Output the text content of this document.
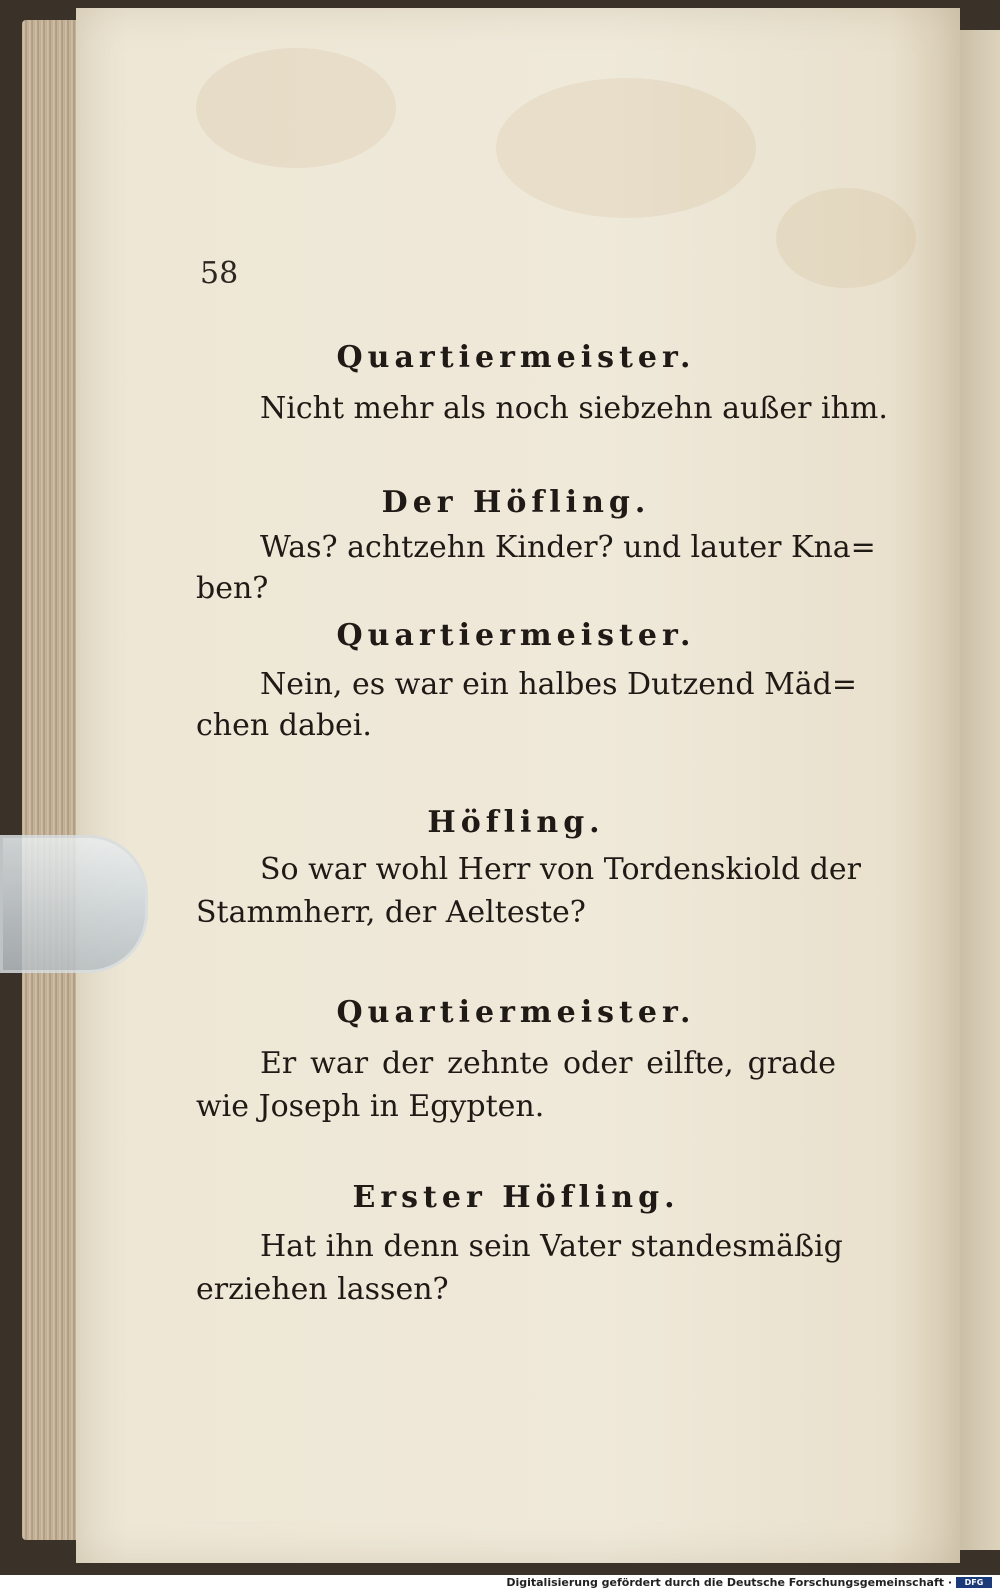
58
Quartiermeister.
Nicht mehr als noch siebzehn außer ihm.
Der Höfling.
Was? achtzehn Kinder? und lauter Kna=
ben?
Quartiermeister.
Nein, es war ein halbes Dutzend Mäd=
chen dabei.
Höfling.
So war wohl Herr von Tordenskiold der
Stammherr, der Aelteste?
Quartiermeister.
Er war der zehnte oder eilfte, grade
wie Joseph in Egypten.
Erster Höfling.
Hat ihn denn sein Vater standesmäßig
erziehen lassen?
Digitalisierung gefördert durch die Deutsche Forschungsgemeinschaft ·	DFG
